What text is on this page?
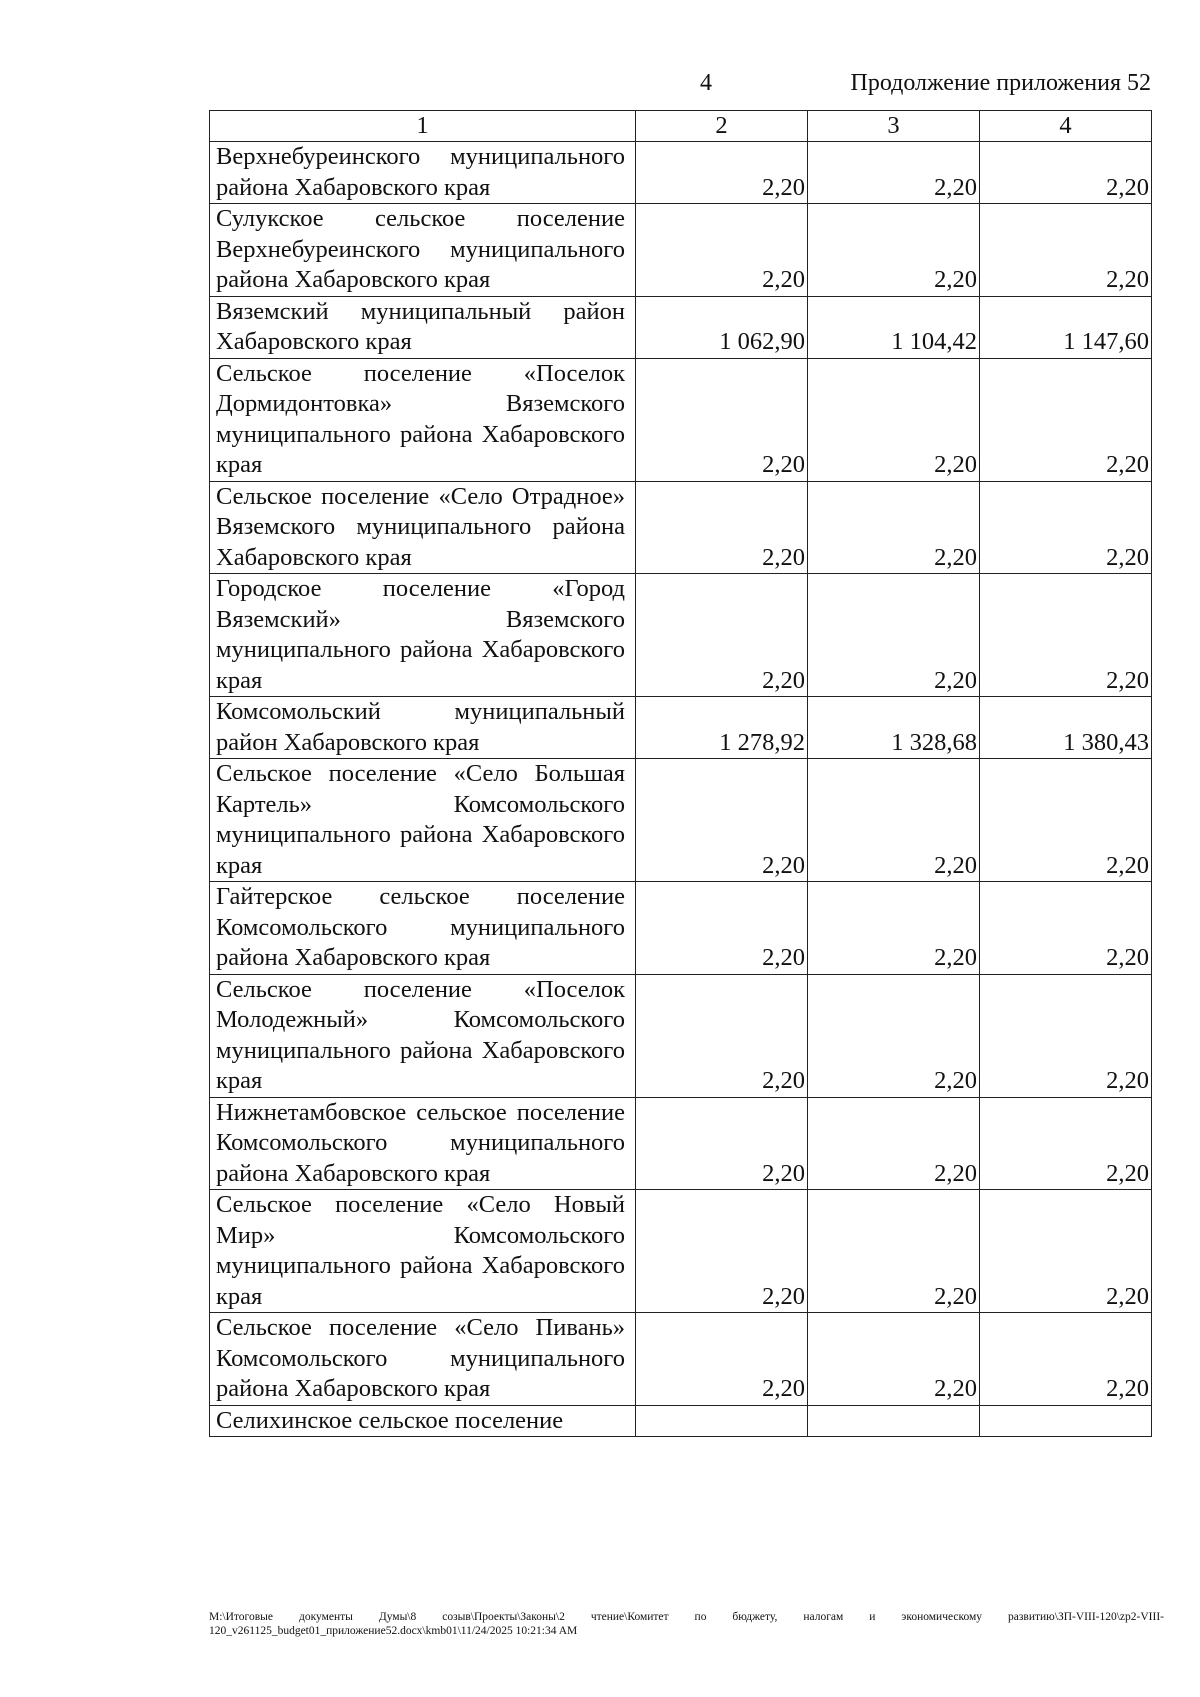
4	Продолжение приложения 52
1	2	3	4
Верхнебуреинского муниципального района Хабаровского края	2,20	2,20	2,20
Сулукское сельское поселение Верхнебуреинского муниципального района Хабаровского края	2,20	2,20	2,20
Вяземский муниципальный район Хабаровского края	1 062,90	1 104,42	1 147,60
Сельское поселение «Поселок Дормидонтовка» Вяземского муниципального района Хабаровского края	2,20	2,20	2,20
Сельское поселение «Село Отрадное» Вяземского муниципального района Хабаровского края	2,20	2,20	2,20
Городское поселение «Город Вяземский» Вяземского муниципального района Хабаровского края	2,20	2,20	2,20
Комсомольский муниципальный район Хабаровского края	1 278,92	1 328,68	1 380,43
Сельское поселение «Село Большая Картель» Комсомольского муниципального района Хабаровского края	2,20	2,20	2,20
Гайтерское сельское поселение Комсомольского муниципального района Хабаровского края	2,20	2,20	2,20
Сельское поселение «Поселок Молодежный» Комсомольского муниципального района Хабаровского края	2,20	2,20	2,20
Нижнетамбовское сельское поселение Комсомольского муниципального района Хабаровского края	2,20	2,20	2,20
Сельское поселение «Село Новый Мир» Комсомольского муниципального района Хабаровского края	2,20	2,20	2,20
Сельское поселение «Село Пивань» Комсомольского муниципального района Хабаровского края	2,20	2,20	2,20
Селихинское сельское поселение			
M:\Итоговые документы Думы\8 созыв\Проекты\Законы\2 чтение\Комитет по бюджету, налогам и экономическому развитию\ЗП-VIII-120\zp2-VIII-120_v261125_budget01_приложение52.docx\kmb01\11/24/2025 10:21:34 AM
